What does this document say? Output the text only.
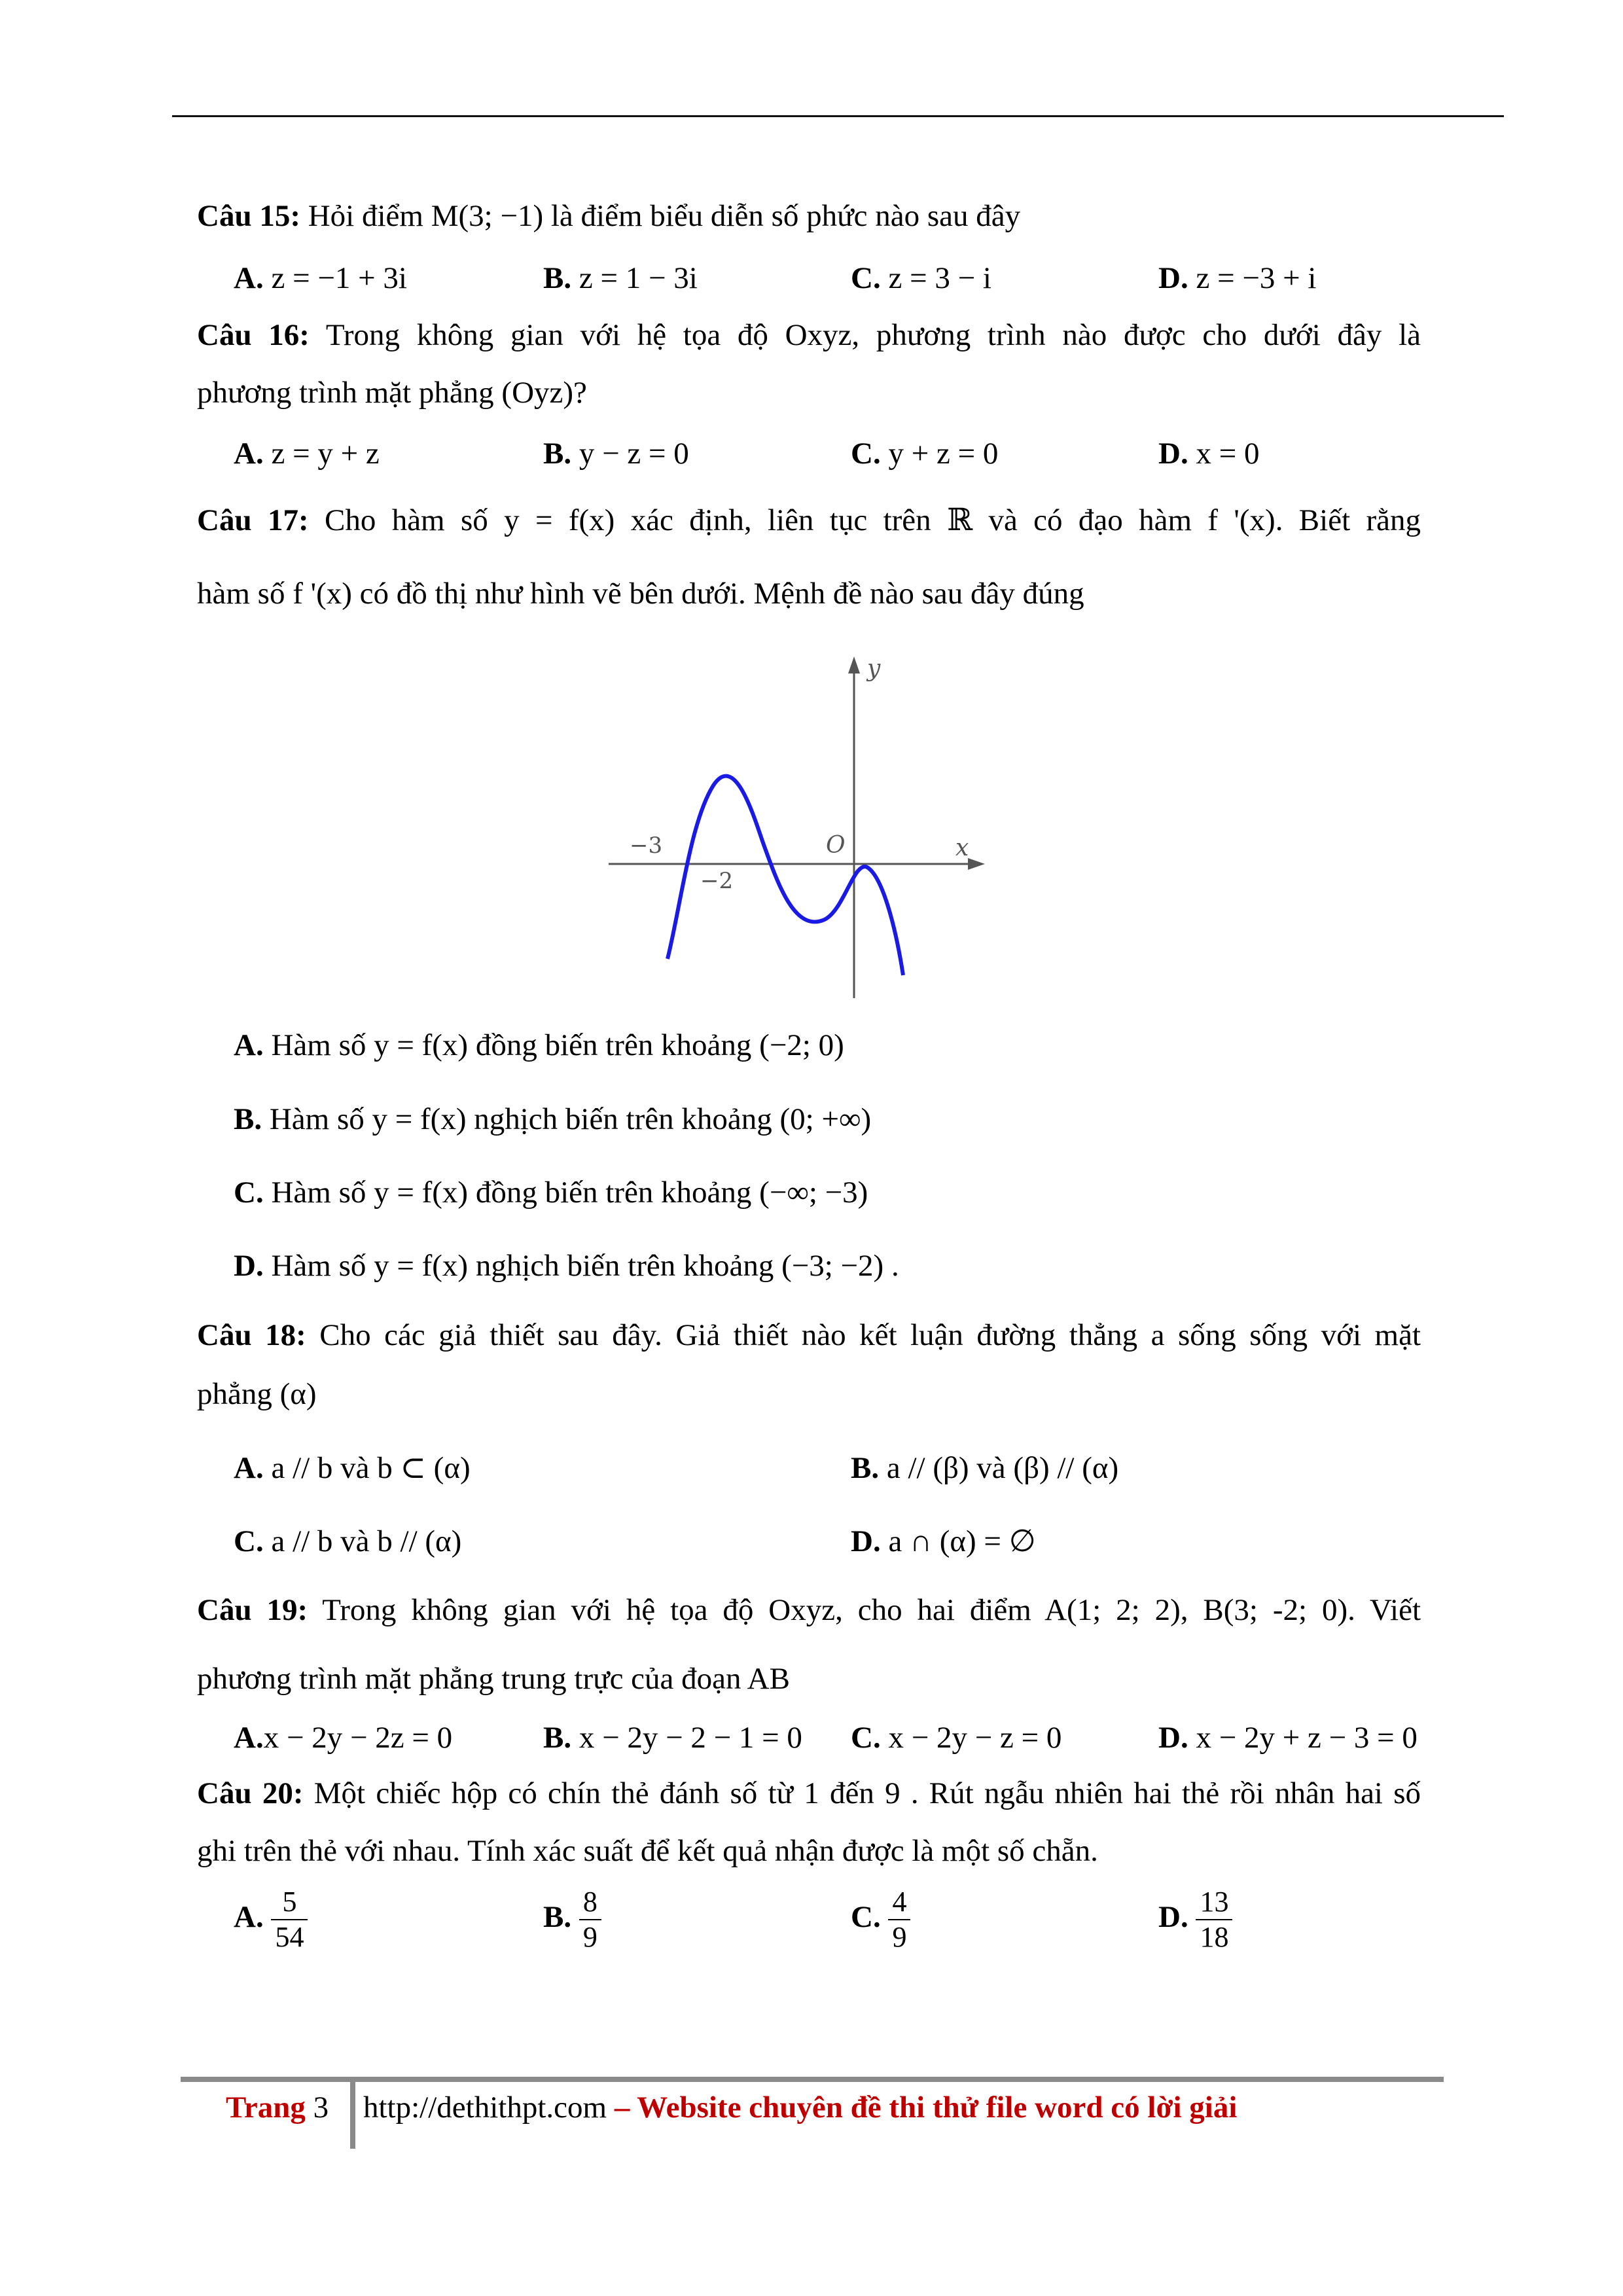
Câu 15: Hỏi điểm M(3; −1) là điểm biểu diễn số phức nào sau đây
A. z = −1 + 3i	B. z = 1 − 3i	C. z = 3 − i	D. z = −3 + i
Câu 16: Trong không gian với hệ tọa độ Oxyz, phương trình nào được cho dưới đây là
phương trình mặt phẳng (Oyz)?
A. z = y + z	B. y − z = 0	C. y + z = 0	D. x = 0
Câu 17: Cho hàm số y = f(x) xác định, liên tục trên ℝ và có đạo hàm f '(x). Biết rằng
hàm số f '(x) có đồ thị như hình vẽ bên dưới. Mệnh đề nào sau đây đúng
y
x
O
−3
−2
A. Hàm số y = f(x) đồng biến trên khoảng (−2; 0)
B. Hàm số y = f(x) nghịch biến trên khoảng (0; +∞)
C. Hàm số y = f(x) đồng biến trên khoảng (−∞; −3)
D. Hàm số y = f(x) nghịch biến trên khoảng (−3; −2) .
Câu 18: Cho các giả thiết sau đây. Giả thiết nào kết luận đường thẳng a sống sống với mặt
phẳng (α)
A. a // b và b ⊂ (α)	B. a // (β) và (β) // (α)
C. a // b và b // (α)	D. a ∩ (α) = ∅
Câu 19: Trong không gian với hệ tọa độ Oxyz, cho hai điểm A(1; 2; 2), B(3; -2; 0). Viết
phương trình mặt phẳng trung trực của đoạn AB
A.x − 2y − 2z = 0	B. x − 2y − 2 − 1 = 0 C. x − 2y − z = 0	D. x − 2y + z − 3 = 0
Câu 20: Một chiếc hộp có chín thẻ đánh số từ 1 đến 9 . Rút ngẫu nhiên hai thẻ rồi nhân hai số
ghi trên thẻ với nhau. Tính xác suất để kết quả nhận được là một số chẵn.
A. $\frac{5}{54}$	B. $\frac{8}{9}$	C. $\frac{4}{9}$	D. $\frac{13}{18}$
Trang 3 http://dethithpt.com – Website chuyên đề thi thử file word có lời giải
